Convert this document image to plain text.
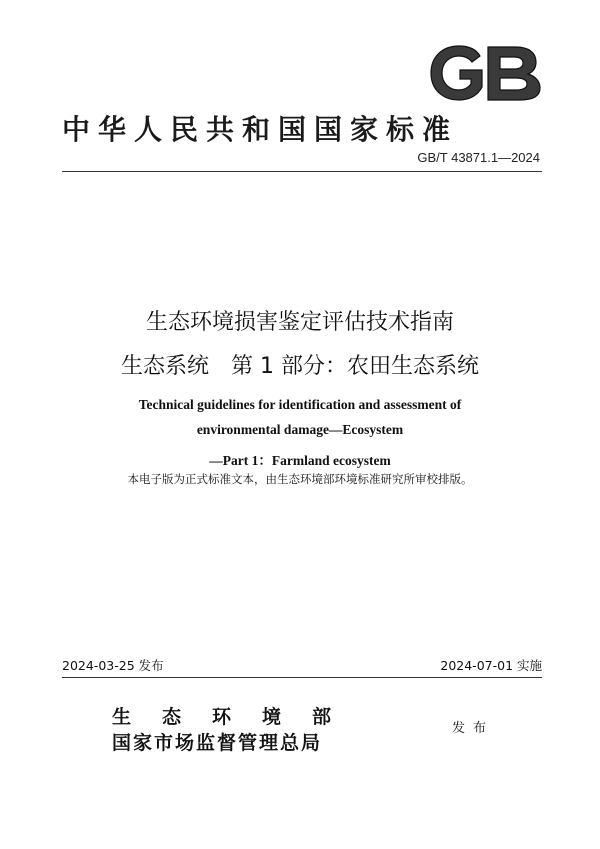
中华人民共和国国家标准
GB/T 43871.1—2024
生态环境损害鉴定评估技术指南
生态系统　第 1 部分：农田生态系统
Technical guidelines for identification and assessment of
environmental damage—Ecosystem
—Part 1：Farmland ecosystem
本电子版为正式标准文本，由生态环境部环境标准研究所审校排版。
2024-03-25 发布	2024-07-01 实施
生态环境部
国家市场监督管理总局
发布
